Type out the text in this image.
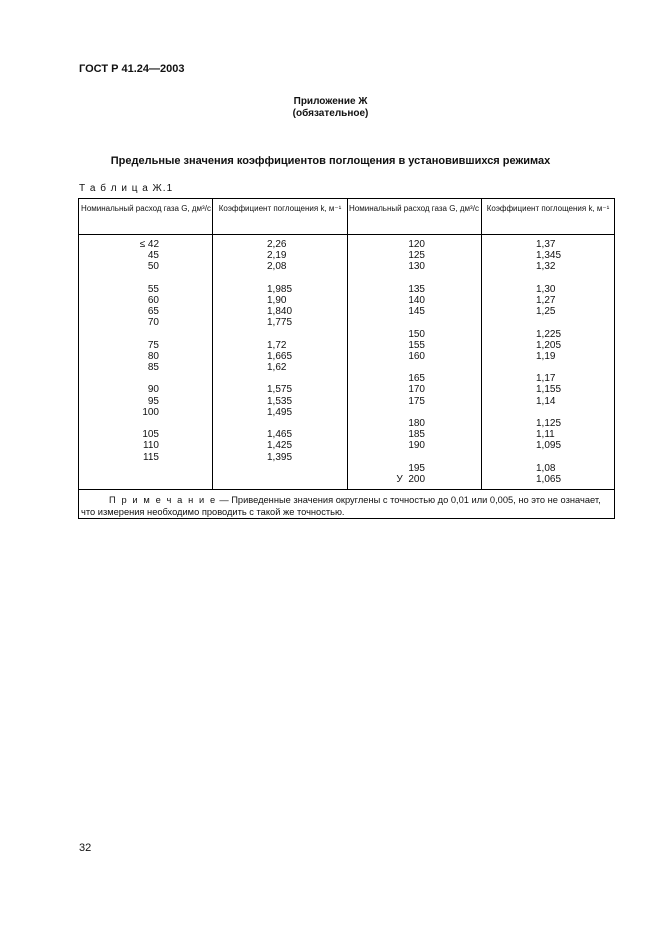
ГОСТ Р 41.24—2003
Приложение Ж
(обязательное)
Предельные значения коэффициентов поглощения в установившихся режимах
Т а б л и ц а Ж.1
Номинальный расход газа G, дм³/с Коэффициент поглощения k, м⁻¹ Номинальный расход газа G, дм³/с Коэффициент поглощения k, м⁻¹
≤ 42
45
50
55
60
65
70
75
80
85
90
95
100
105
110
115
2,26
2,19
2,08
1,985
1,90
1,840
1,775
1,72
1,665
1,62
1,575
1,535
1,495
1,465
1,425
1,395
120
125
130
135
140
145
150
155
160
165
170
175
180
185
190
195
У  200
1,37
1,345
1,32
1,30
1,27
1,25
1,225
1,205
1,19
1,17
1,155
1,14
1,125
1,11
1,095
1,08
1,065
П р и м е ч а н и е — Приведенные значения округлены с точностью до 0,01 или 0,005, но это не означает, что измерения необходимо проводить с такой же точностью.
32
